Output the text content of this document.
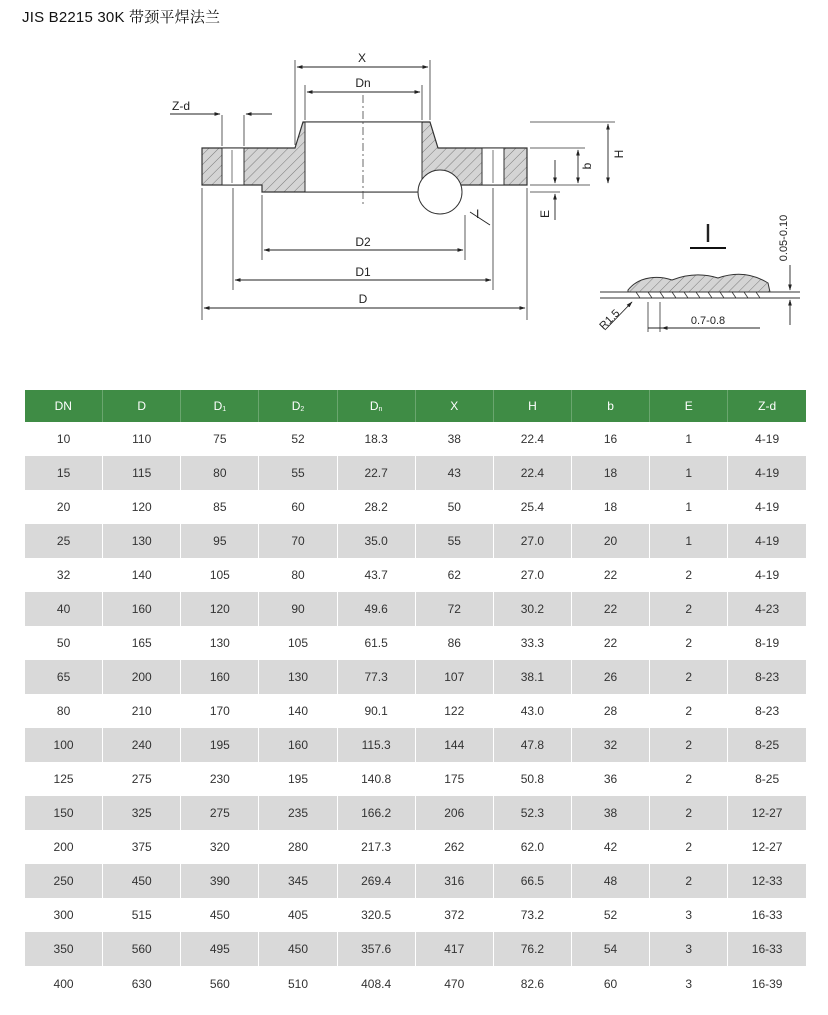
JIS B2215 30K 带颈平焊法兰
X
Dn
Z-d
D2
D1
D
I
H
b
E
I	0.05-0.10
R1.5	0.7-0.8
DN	D	$D_1$	$D_2$	$D_n$	X	H	b	E	Z-d
10	110	75	52	18.3	38	22.4	16	1	4-19
15	115	80	55	22.7	43	22.4	18	1	4-19
20	120	85	60	28.2	50	25.4	18	1	4-19
25	130	95	70	35.0	55	27.0	20	1	4-19
32	140	105	80	43.7	62	27.0	22	2	4-19
40	160	120	90	49.6	72	30.2	22	2	4-23
50	165	130	105	61.5	86	33.3	22	2	8-19
65	200	160	130	77.3	107	38.1	26	2	8-23
80	210	170	140	90.1	122	43.0	28	2	8-23
100	240	195	160	115.3	144	47.8	32	2	8-25
125	275	230	195	140.8	175	50.8	36	2	8-25
150	325	275	235	166.2	206	52.3	38	2	12-27
200	375	320	280	217.3	262	62.0	42	2	12-27
250	450	390	345	269.4	316	66.5	48	2	12-33
300	515	450	405	320.5	372	73.2	52	3	16-33
350	560	495	450	357.6	417	76.2	54	3	16-33
400	630	560	510	408.4	470	82.6	60	3	16-39
